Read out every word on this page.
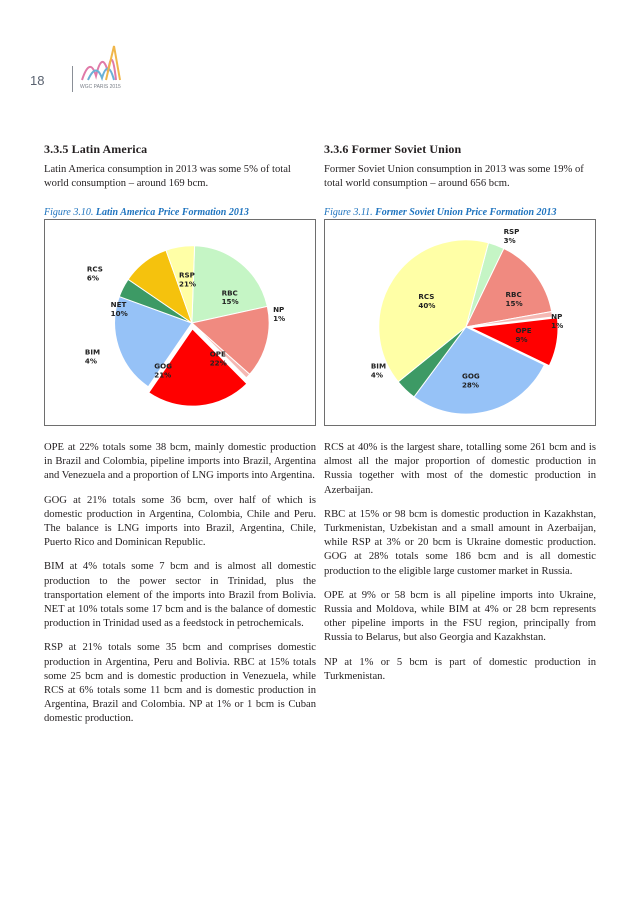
WGC PARIS 2015
18
3.3.5 Latin America

Latin America consumption in 2013 was some 5% of total world consumption – around 169 bcm.

Figure 3.10. Latin America Price Formation 2013

3.3.6 Former Soviet Union

Former Soviet Union consumption in 2013 was some 19% of total world consumption – around 656 bcm.

Figure 3.11. Former Soviet Union Price Formation 2013

RSP 21%
RBC 15%
NP 1%
OPE 22%
GOG 21%
BIM 4%
NET 10%
RCS 6%
RSP 3%
RBC 15%
NP 1%
OPE 9%
GOG 28%
BIM 4%
RCS 40%

OPE at 22% totals some 38 bcm, mainly domestic production in Brazil and Colombia, pipeline imports into Brazil, Argentina and Venezuela and a proportion of LNG imports into Argentina.

GOG at 21% totals some 36 bcm, over half of which is domestic production in Argentina, Colombia, Chile and Peru. The balance is LNG imports into Brazil, Argentina, Chile, Puerto Rico and Dominican Republic.

BIM at 4% totals some 7 bcm and is almost all domestic production to the power sector in Trinidad, plus the transportation element of the imports into Brazil from Bolivia. NET at 10% totals some 17 bcm and is the balance of domestic production in Trinidad used as a feedstock in petrochemicals.

RSP at 21% totals some 35 bcm and comprises domestic production in Argentina, Peru and Bolivia. RBC at 15% totals some 25 bcm and is domestic production in Venezuela, while RCS at 6% totals some 11 bcm and is domestic production in Argentina, Brazil and Colombia. NP at 1% or 1 bcm is Cuban domestic production.

RCS at 40% is the largest share, totalling some 261 bcm and is almost all the major proportion of domestic production in Russia together with most of the domestic production in Azerbaijan.

RBC at 15% or 98 bcm is domestic production in Kazakhstan, Turkmenistan, Uzbekistan and a small amount in Azerbaijan, while RSP at 3% or 20 bcm is Ukraine domestic production. GOG at 28% totals some 186 bcm and is all domestic production to the eligible large customer market in Russia.

OPE at 9% or 58 bcm is all pipeline imports into Ukraine, Russia and Moldova, while BIM at 4% or 28 bcm represents other pipeline imports in the FSU region, principally from Russia to Belarus, but also Georgia and Kazakhstan.

NP at 1% or 5 bcm is part of domestic production in Turkmenistan.
